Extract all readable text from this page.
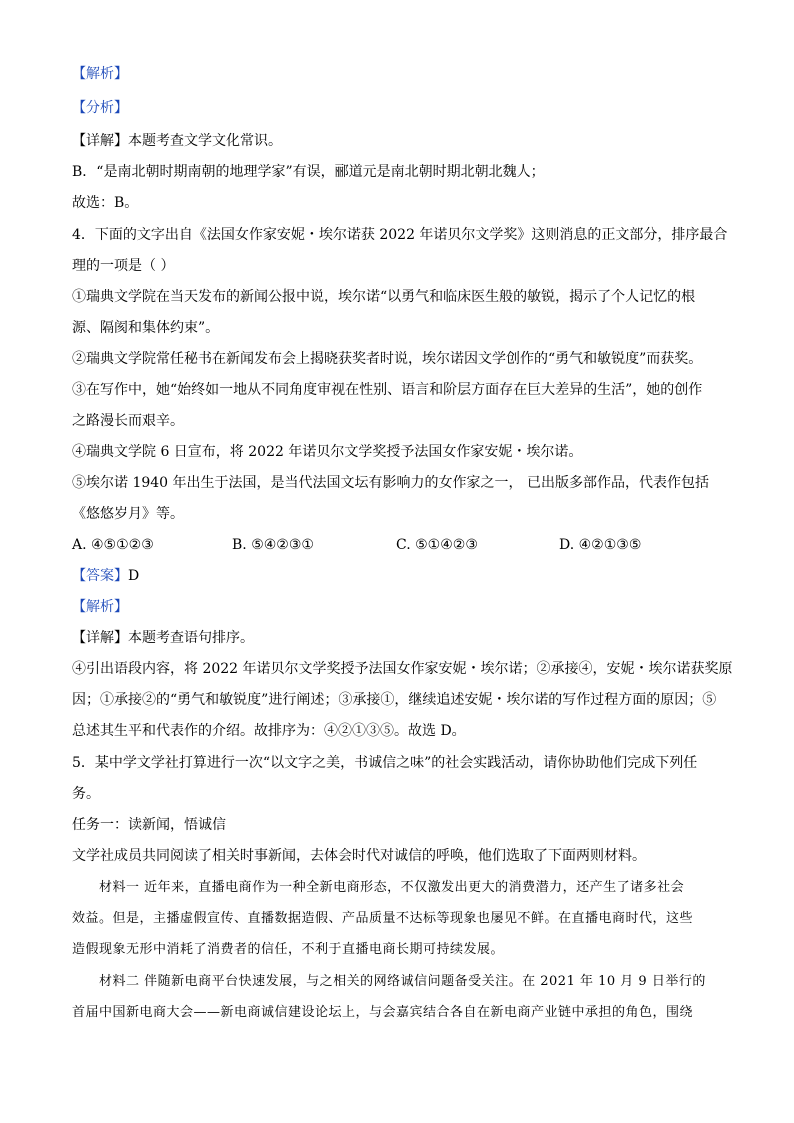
【解析】
【分析】
【详解】本题考查文学文化常识。
B．“是南北朝时期南朝的地理学家”有误，郦道元是南北朝时期北朝北魏人；
故选：B。
4．下面的文字出自《法国女作家安妮・埃尔诺获 2022 年诺贝尔文学奖》这则消息的正文部分，排序最合
理的一项是（ ）
①瑞典文学院在当天发布的新闻公报中说，埃尔诺“以勇气和临床医生般的敏锐，揭示了个人记忆的根
源、隔阂和集体约束”。
②瑞典文学院常任秘书在新闻发布会上揭晓获奖者时说，埃尔诺因文学创作的“勇气和敏锐度”而获奖。
③在写作中，她“始终如一地从不同角度审视在性别、语言和阶层方面存在巨大差异的生活”，她的创作
之路漫长而艰辛。
④瑞典文学院 6 日宣布，将 2022 年诺贝尔文学奖授予法国女作家安妮・埃尔诺。
⑤埃尔诺 1940 年出生于法国，是当代法国文坛有影响力的女作家之一， 已出版多部作品，代表作包括
《悠悠岁月》等。
A. ④⑤①②③	B. ⑤④②③①	C. ⑤①④②③	D. ④②①③⑤
【答案】D
【解析】
【详解】本题考查语句排序。
④引出语段内容，将 2022 年诺贝尔文学奖授予法国女作家安妮・埃尔诺；②承接④，安妮・埃尔诺获奖原
因；①承接②的“勇气和敏锐度”进行阐述；③承接①，继续追述安妮・埃尔诺的写作过程方面的原因；⑤
总述其生平和代表作的介绍。故排序为：④②①③⑤。故选 D。
5．某中学文学社打算进行一次“以文字之美，书诚信之味”的社会实践活动，请你协助他们完成下列任
务。
任务一：读新闻，悟诚信
文学社成员共同阅读了相关时事新闻，去体会时代对诚信的呼唤，他们选取了下面两则材料。
材料一 近年来，直播电商作为一种全新电商形态，不仅激发出更大的消费潜力，还产生了诸多社会
效益。但是，主播虚假宣传、直播数据造假、产品质量不达标等现象也屡见不鲜。在直播电商时代，这些
造假现象无形中消耗了消费者的信任，不利于直播电商长期可持续发展。
材料二 伴随新电商平台快速发展，与之相关的网络诚信问题备受关注。在 2021 年 10 月 9 日举行的
首届中国新电商大会——新电商诚信建设论坛上，与会嘉宾结合各自在新电商产业链中承担的角色，围绕
